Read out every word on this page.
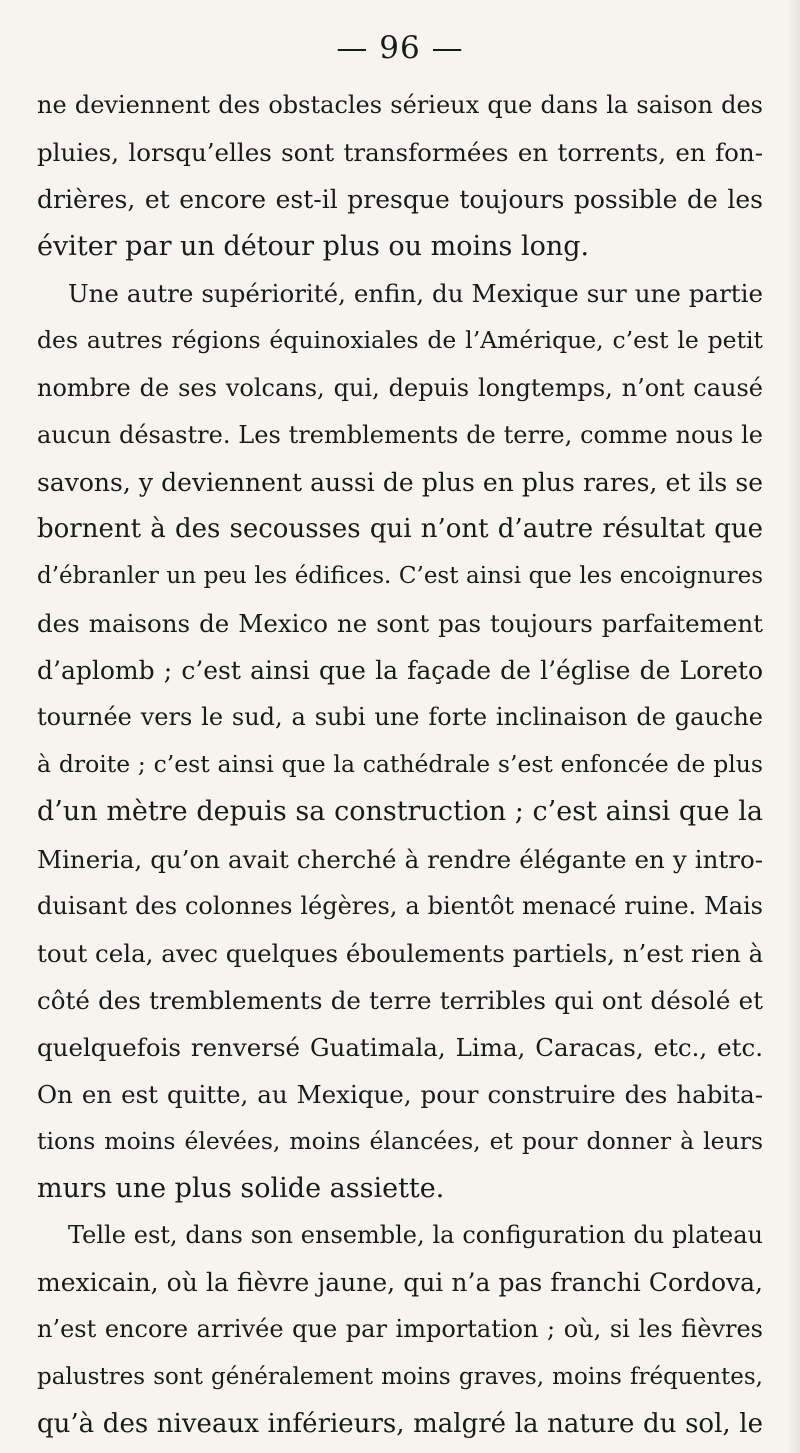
— 96 —
ne deviennent des obstacles sérieux que dans la saison des
pluies, lorsqu’elles sont transformées en torrents, en fon-
drières, et encore est-il presque toujours possible de les
éviter par un détour plus ou moins long.
Une autre supériorité, enfin, du Mexique sur une partie
des autres régions équinoxiales de l’Amérique, c’est le petit
nombre de ses volcans, qui, depuis longtemps, n’ont causé
aucun désastre. Les tremblements de terre, comme nous le
savons, y deviennent aussi de plus en plus rares, et ils se
bornent à des secousses qui n’ont d’autre résultat que
d’ébranler un peu les édifices. C’est ainsi que les encoignures
des maisons de Mexico ne sont pas toujours parfaitement
d’aplomb ; c’est ainsi que la façade de l’église de Loreto
tournée vers le sud, a subi une forte inclinaison de gauche
à droite ; c’est ainsi que la cathédrale s’est enfoncée de plus
d’un mètre depuis sa construction ; c’est ainsi que la
Mineria, qu’on avait cherché à rendre élégante en y intro-
duisant des colonnes légères, a bientôt menacé ruine. Mais
tout cela, avec quelques éboulements partiels, n’est rien à
côté des tremblements de terre terribles qui ont désolé et
quelquefois renversé Guatimala, Lima, Caracas, etc., etc.
On en est quitte, au Mexique, pour construire des habita-
tions moins élevées, moins élancées, et pour donner à leurs
murs une plus solide assiette.
Telle est, dans son ensemble, la configuration du plateau
mexicain, où la fièvre jaune, qui n’a pas franchi Cordova,
n’est encore arrivée que par importation ; où, si les fièvres
palustres sont généralement moins graves, moins fréquentes,
qu’à des niveaux inférieurs, malgré la nature du sol, le
